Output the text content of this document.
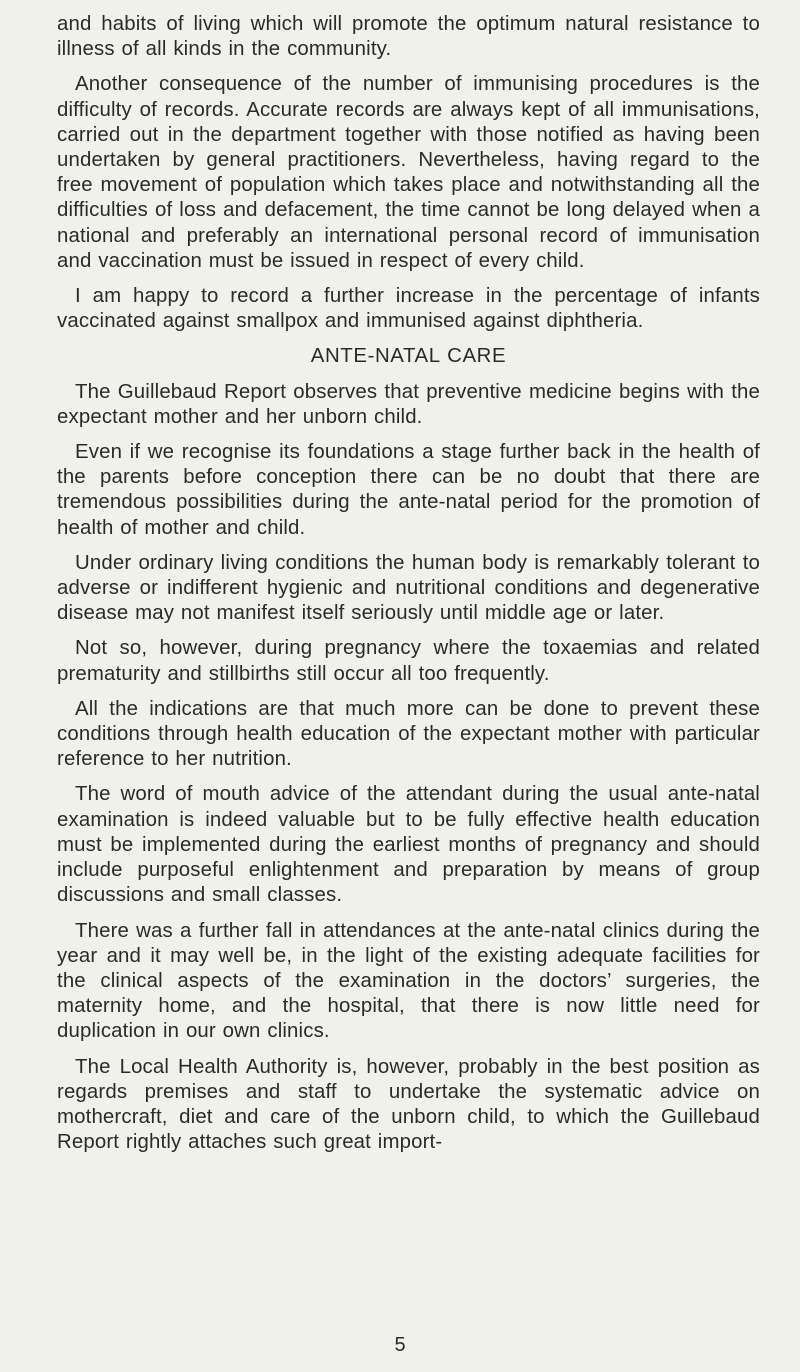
and habits of living which will promote the optimum natural resistance to illness of all kinds in the community.

Another consequence of the number of immunising procedures is the difficulty of records. Accurate records are always kept of all immunisations, carried out in the department together with those notified as having been undertaken by general practitioners. Nevertheless, having regard to the free movement of population which takes place and notwithstanding all the difficulties of loss and defacement, the time cannot be long delayed when a national and preferably an international personal record of immunisation and vaccination must be issued in respect of every child.

I am happy to record a further increase in the percentage of infants vaccinated against smallpox and immunised against diphtheria.

ANTE-NATAL CARE

The Guillebaud Report observes that preventive medicine begins with the expectant mother and her unborn child.

Even if we recognise its foundations a stage further back in the health of the parents before conception there can be no doubt that there are tremendous possibilities during the ante-natal period for the promotion of health of mother and child.

Under ordinary living conditions the human body is remarkably tolerant to adverse or indifferent hygienic and nutritional conditions and degenerative disease may not manifest itself seriously until middle age or later.

Not so, however, during pregnancy where the toxaemias and related prematurity and stillbirths still occur all too frequently.

All the indications are that much more can be done to prevent these conditions through health education of the expectant mother with particular reference to her nutrition.

The word of mouth advice of the attendant during the usual ante-natal examination is indeed valuable but to be fully effective health education must be implemented during the earliest months of pregnancy and should include purposeful enlightenment and preparation by means of group discussions and small classes.

There was a further fall in attendances at the ante-natal clinics during the year and it may well be, in the light of the existing adequate facilities for the clinical aspects of the examination in the doctors’ surgeries, the maternity home, and the hospital, that there is now little need for duplication in our own clinics.

The Local Health Authority is, however, probably in the best position as regards premises and staff to undertake the systematic advice on mothercraft, diet and care of the unborn child, to which the Guillebaud Report rightly attaches such great import-

5
